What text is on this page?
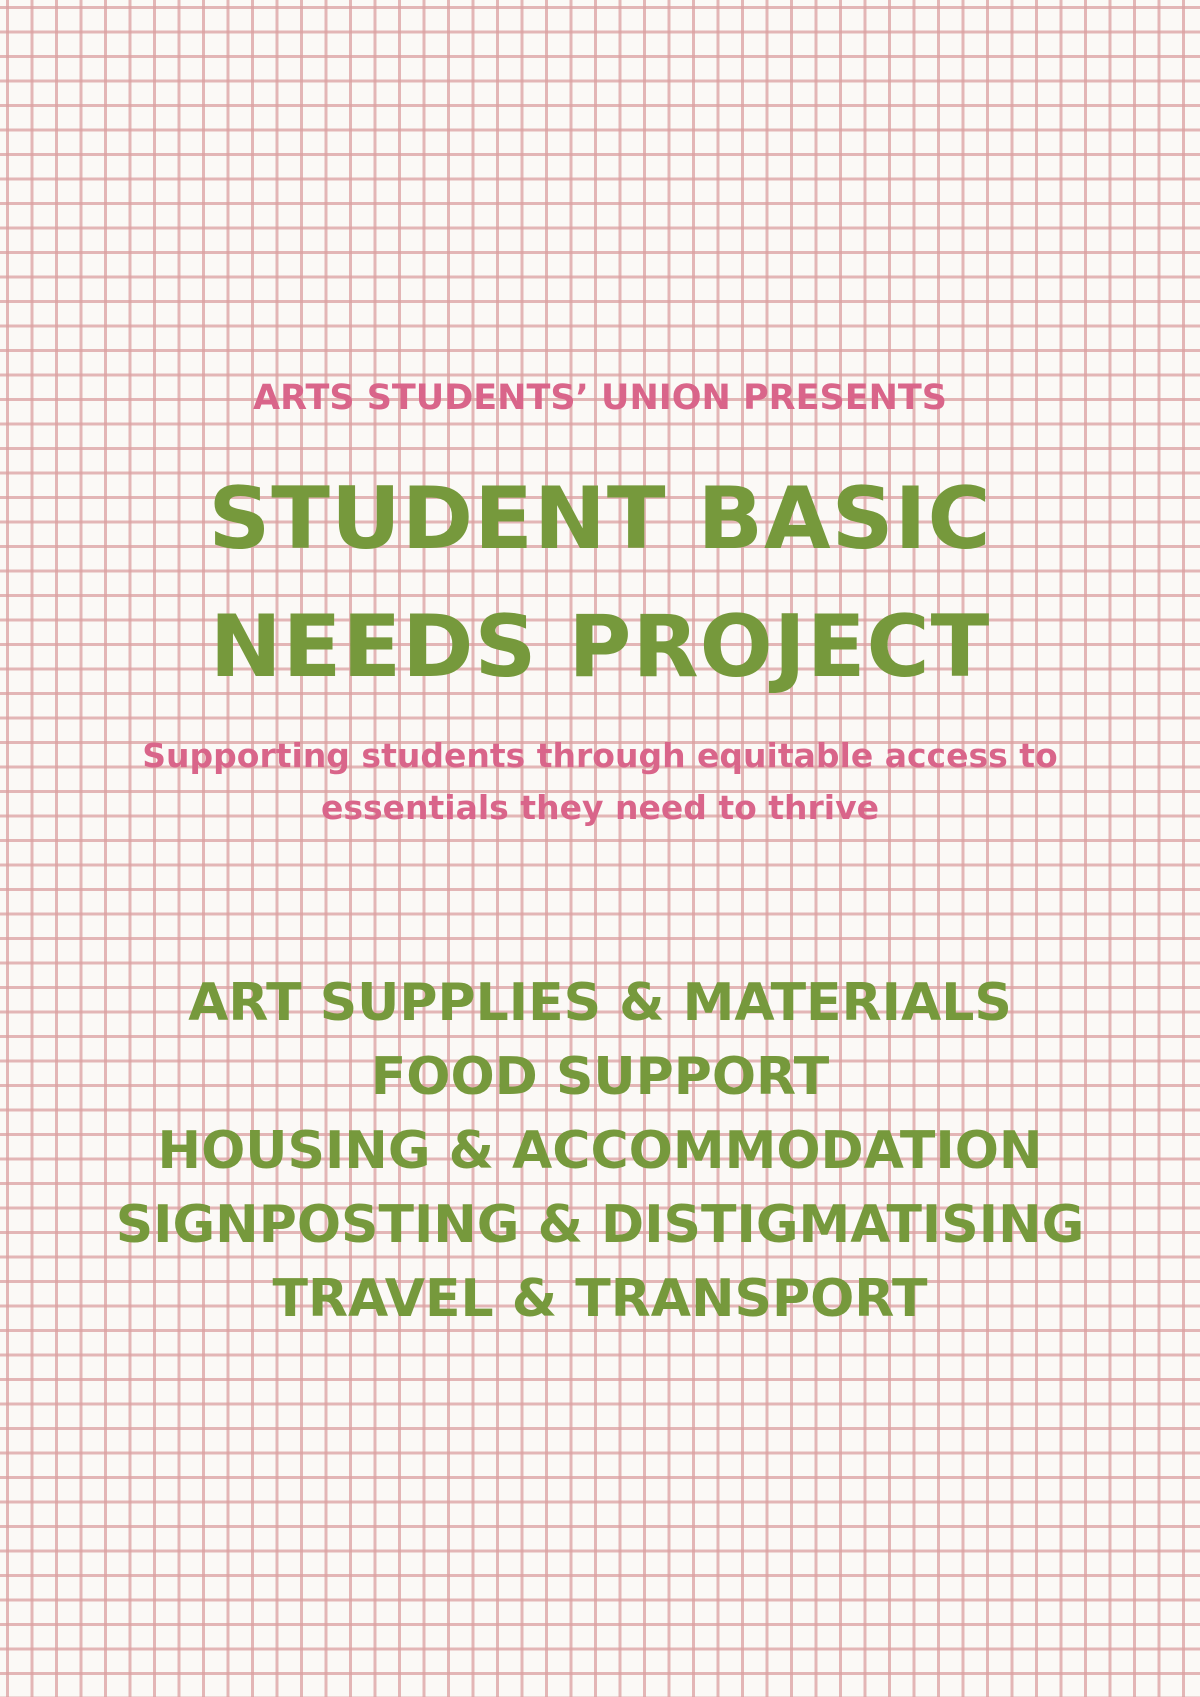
ARTS STUDENTS’ UNION PRESENTS
STUDENT BASIC
NEEDS PROJECT
Supporting students through equitable access to
essentials they need to thrive
ART SUPPLIES & MATERIALS
FOOD SUPPORT
HOUSING & ACCOMMODATION
SIGNPOSTING & DISTIGMATISING
TRAVEL & TRANSPORT
